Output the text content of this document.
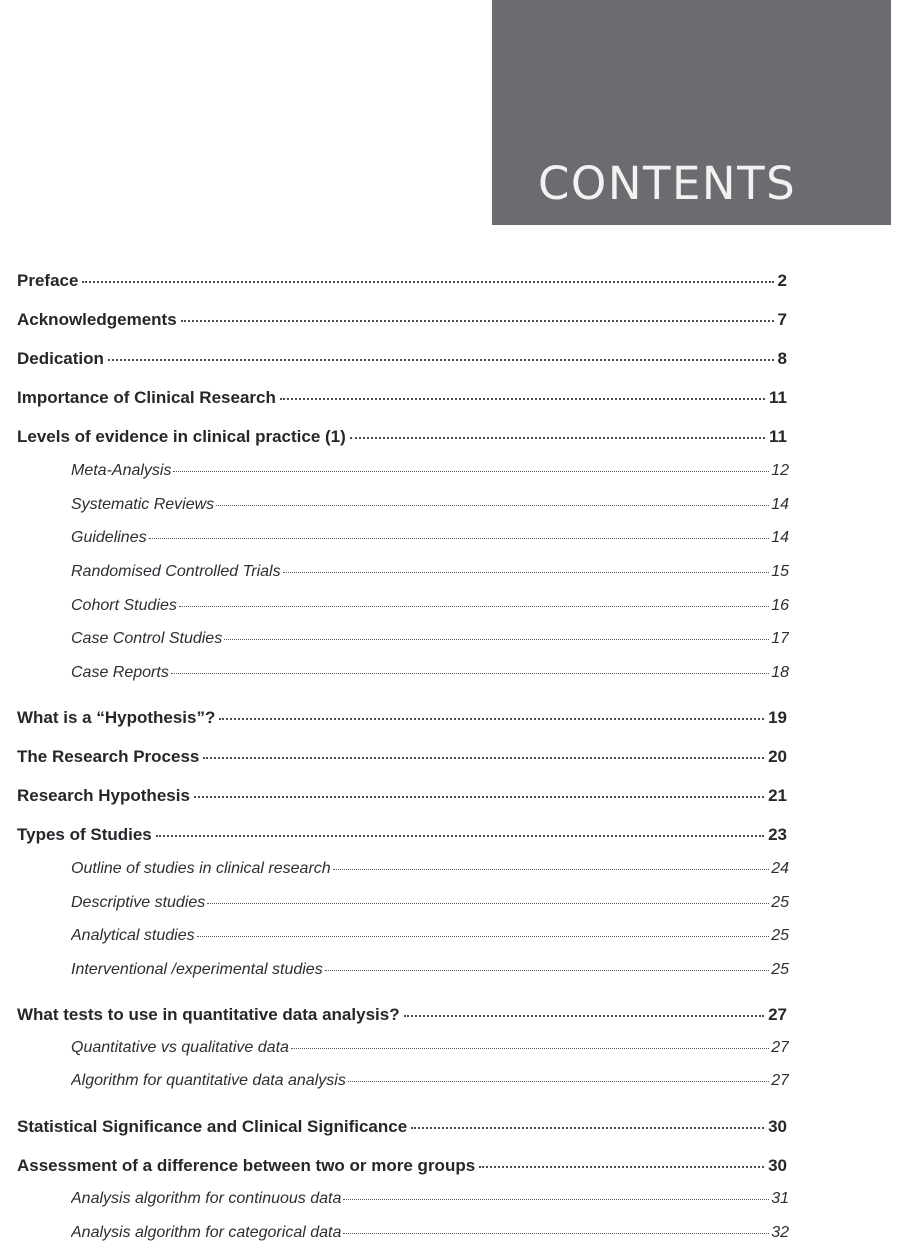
CONTENTS
Preface	2
Acknowledgements	7
Dedication	8
Importance of Clinical Research	11
Levels of evidence in clinical practice (1)	11
Meta-Analysis	12
Systematic Reviews	14
Guidelines	14
Randomised Controlled Trials	15
Cohort Studies	16
Case Control Studies	17
Case Reports	18
What is a “Hypothesis”?	19
The Research Process	20
Research Hypothesis	21
Types of Studies	23
Outline of studies in clinical research	24
Descriptive studies	25
Analytical studies	25
Interventional /experimental studies	25
What tests to use in quantitative data analysis?	27
Quantitative vs qualitative data	27
Algorithm for quantitative data analysis	27
Statistical Significance and Clinical Significance	30
Assessment of a difference between two or more groups	30
Analysis algorithm for continuous data	31
Analysis algorithm for categorical data	32
